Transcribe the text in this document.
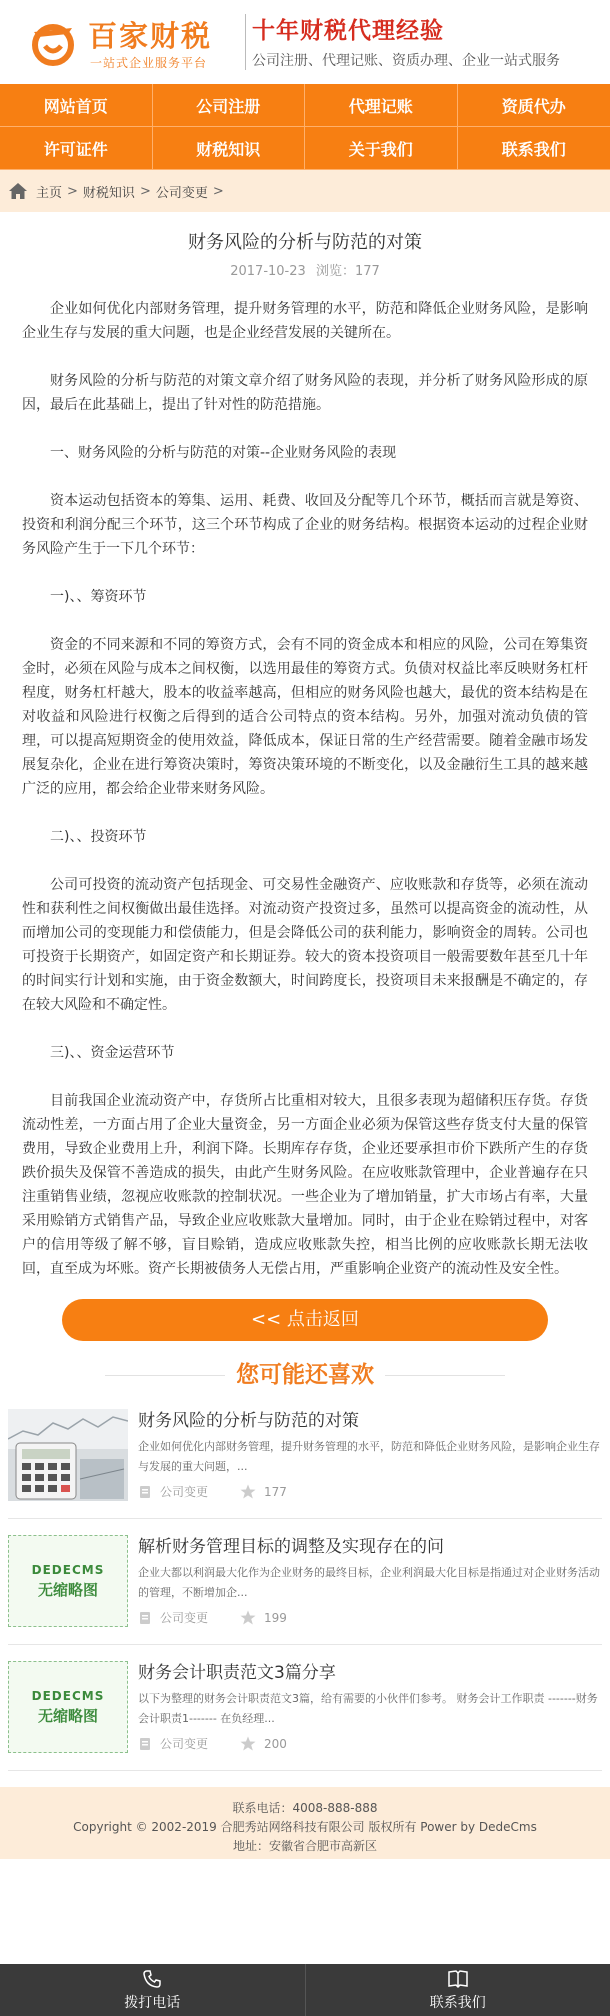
百家财税
一站式企业服务平台
十年财税代理经验
公司注册、代理记账、资质办理、企业一站式服务
网站首页	公司注册	代理记账	资质代办
许可证件	财税知识	关于我们	联系我们
主页 > 财税知识 > 公司变更 >
财务风险的分析与防范的对策
2017-10-23 浏览：177

企业如何优化内部财务管理，提升财务管理的水平，防范和降低企业财务风险，是影响企业生存与发展的重大问题，也是企业经营发展的关键所在。

财务风险的分析与防范的对策文章介绍了财务风险的表现，并分析了财务风险形成的原因，最后在此基础上，提出了针对性的防范措施。

一、财务风险的分析与防范的对策--企业财务风险的表现

资本运动包括资本的筹集、运用、耗费、收回及分配等几个环节，概括而言就是筹资、投资和利润分配三个环节，这三个环节构成了企业的财务结构。根据资本运动的过程企业财务风险产生于一下几个环节：

一)、、筹资环节

资金的不同来源和不同的筹资方式，会有不同的资金成本和相应的风险，公司在筹集资金时，必须在风险与成本之间权衡，以选用最佳的筹资方式。负债对权益比率反映财务杠杆程度，财务杠杆越大，股本的收益率越高，但相应的财务风险也越大，最优的资本结构是在对收益和风险进行权衡之后得到的适合公司特点的资本结构。另外，加强对流动负债的管理，可以提高短期资金的使用效益，降低成本，保证日常的生产经营需要。随着金融市场发展复杂化，企业在进行筹资决策时，筹资决策环境的不断变化，以及金融衍生工具的越来越广泛的应用，都会给企业带来财务风险。

二)、、投资环节

公司可投资的流动资产包括现金、可交易性金融资产、应收账款和存货等，必须在流动性和获利性之间权衡做出最佳选择。对流动资产投资过多，虽然可以提高资金的流动性，从而增加公司的变现能力和偿债能力，但是会降低公司的获利能力，影响资金的周转。公司也可投资于长期资产，如固定资产和长期证券。较大的资本投资项目一般需要数年甚至几十年的时间实行计划和实施，由于资金数额大，时间跨度长，投资项目未来报酬是不确定的，存在较大风险和不确定性。

三)、、资金运营环节

目前我国企业流动资产中，存货所占比重相对较大，且很多表现为超储积压存货。存货流动性差，一方面占用了企业大量资金，另一方面企业必须为保管这些存货支付大量的保管费用，导致企业费用上升，利润下降。长期库存存货，企业还要承担市价下跌所产生的存货跌价损失及保管不善造成的损失，由此产生财务风险。在应收账款管理中，企业普遍存在只注重销售业绩，忽视应收账款的控制状况。一些企业为了增加销量，扩大市场占有率，大量采用赊销方式销售产品，导致企业应收账款大量增加。同时，由于企业在赊销过程中，对客户的信用等级了解不够，盲目赊销，造成应收账款失控，相当比例的应收账款长期无法收回，直至成为坏账。资产长期被债务人无偿占用，严重影响企业资产的流动性及安全性。

<< 点击返回
您可能还喜欢
财务风险的分析与防范的对策
企业如何优化内部财务管理，提升财务管理的水平，防范和降低企业财务风险，是影响企业生存与发展的重大问题，...
公司变更	177
DEDECMS
无缩略图
解析财务管理目标的调整及实现存在的问
企业大都以利润最大化作为企业财务的最终目标，企业利润最大化目标是指通过对企业财务活动的管理，不断增加企...
公司变更	199
DEDECMS
无缩略图
财务会计职责范文3篇分享
以下为整理的财务会计职责范文3篇，给有需要的小伙伴们参考。 财务会计工作职责 -------财务会计职责1------- 在负经理...
公司变更	200
联系电话：4008-888-888
Copyright © 2002-2019 合肥秀站网络科技有限公司 版权所有 Power by DedeCms
地址：安徽省合肥市高新区
拨打电话	联系我们
